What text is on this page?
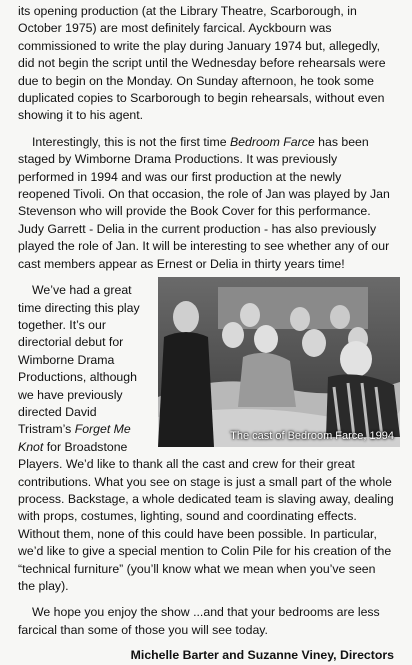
its opening production (at the Library Theatre, Scarborough, in October 1975) are most definitely farcical. Ayckbourn was commissioned to write the play during January 1974 but, allegedly, did not begin the script until the Wednesday before rehearsals were due to begin on the Monday. On Sunday afternoon, he took some duplicated copies to Scarborough to begin rehearsals, without even showing it to his agent.

Interestingly, this is not the first time Bedroom Farce has been staged by Wimborne Drama Productions. It was previously performed in 1994 and was our first production at the newly reopened Tivoli. On that occasion, the role of Jan was played by Jan Stevenson who will provide the Book Cover for this performance. Judy Garrett - Delia in the current production - has also previously played the role of Jan. It will be interesting to see whether any of our cast members appear as Ernest or Delia in thirty years time!

The cast of Bedroom Farce, 1994

We’ve had a great time directing this play together. It’s our directorial debut for Wimborne Drama Productions, although we have previously directed David Tristram’s Forget Me Knot for Broadstone Players. We’d like to thank all the cast and crew for their great contributions. What you see on stage is just a small part of the whole process. Backstage, a whole dedicated team is slaving away, dealing with props, costumes, lighting, sound and coordinating effects. Without them, none of this could have been possible. In particular, we’d like to give a special mention to Colin Pile for his creation of the “technical furniture” (you’ll know what we mean when you’ve seen the play).

We hope you enjoy the show ...and that your bedrooms are less farcical than some of those you will see today.

Michelle Barter and Suzanne Viney, Directors
